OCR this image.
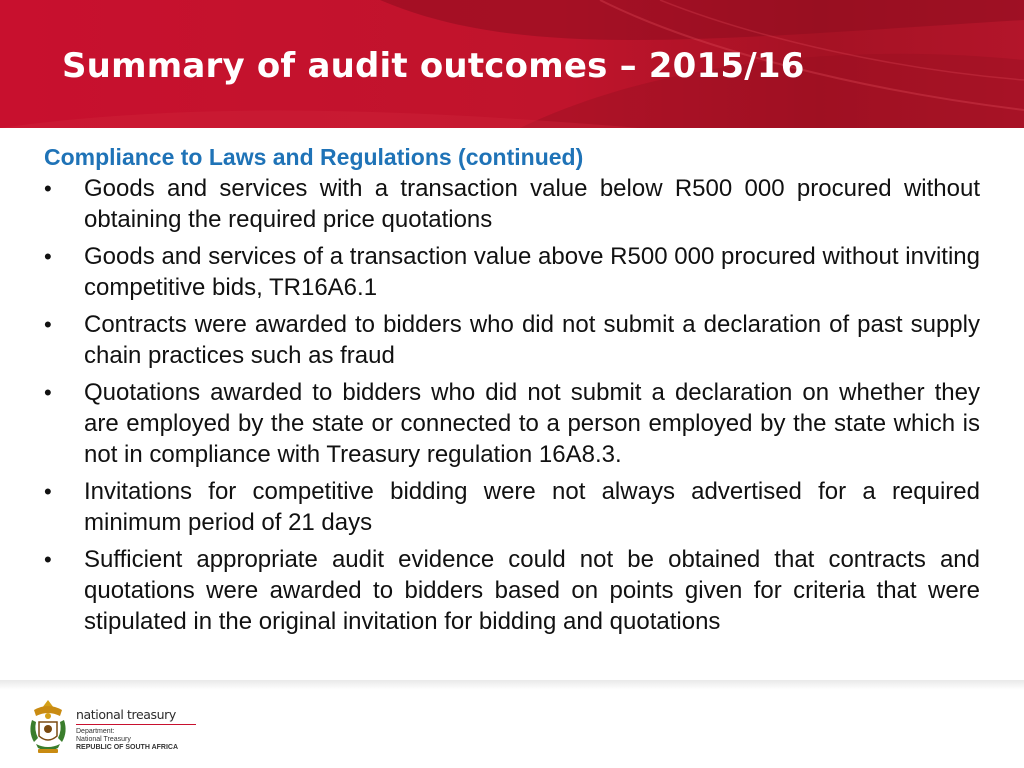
Summary of audit outcomes – 2015/16

Compliance to Laws and Regulations (continued)

•	Goods and services with a transaction value below R500 000 procured without obtaining the required price quotations
•	Goods and services of a transaction value above R500 000 procured without inviting competitive bids, TR16A6.1
•	Contracts were awarded to bidders who did not submit a declaration of past supply chain practices such as fraud
•	Quotations awarded to bidders who did not submit a declaration on whether they are employed by the state or connected to a person employed by the state which is not in compliance with Treasury regulation 16A8.3.
•	Invitations for competitive bidding were not always advertised for a required minimum period of 21 days
•	Sufficient appropriate audit evidence could not be obtained that contracts and quotations were awarded to bidders based on points given for criteria that were stipulated in the original invitation for bidding and quotations
national treasury
Department:
National Treasury
REPUBLIC OF SOUTH AFRICA
